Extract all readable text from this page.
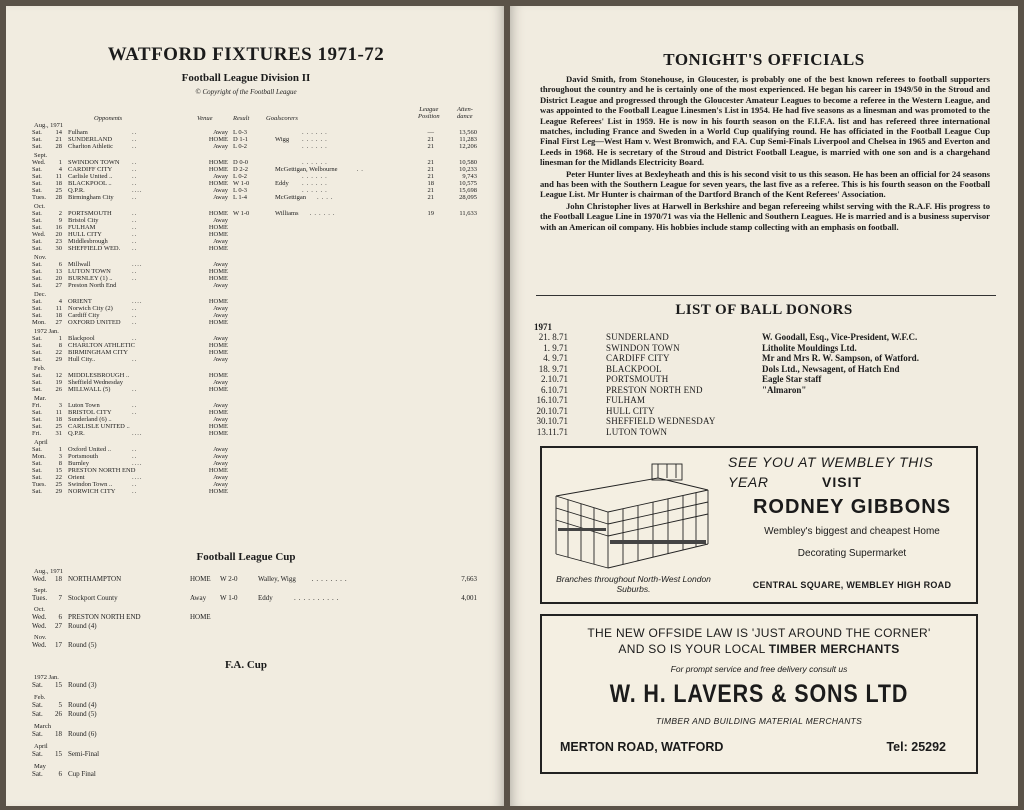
WATFORD FIXTURES 1971-72
Football League Division II
© Copyright of the Football League
Opponents	Venue	Result	Goalscorers
League
Position
Atten-
dance
Aug., 1971
Sat.	14 Fulham	..	Away L 0-3	......	—	13,560
Sat.	21 SUNDERLAND	..	HOME D 1-1	Wigg ......	21	11,283
Sat.	28 Charlton Athletic	..	Away L 0-2	......	21	12,206
Sept.
Wed.	1 SWINDON TOWN ..	HOME D 0-0	......	21	10,580
Sat.	4 CARDIFF CITY	..	HOME D 2-2	McGettigan, Welbourne	..	21	10,233
Sat.	11 Carlisle United ..	..	Away L 0-2	......	21	9,743
Sat.	18 BLACKPOOL ..	..	HOME W 1-0	Eddy ......	18	10,575
Sat.	25 Q.P.R.	....	Away L 0-3	......	21	15,698
Tues.	28 Birmingham City	..	Away L 1-4	McGettigan ....	21	28,095
Oct.
Sat.	2 PORTSMOUTH	..	HOME W 1-0	Williams ......	19	11,633
Sat.	9 Bristol City	..	Away
Sat.	16 FULHAM	..	HOME
Wed.	20 HULL CITY	..	HOME
Sat.	23 Middlesbrough	..	Away
Sat.	30 SHEFFIELD WED. ..	HOME
Nov.
Sat.	6 Millwall	....	Away
Sat.	13 LUTON TOWN	..	HOME
Sat.	20 BURNLEY (1) ..	..	HOME
Sat.	27 Preston North End	Away
Dec.
Sat.	4 ORIENT	....	HOME
Sat.	11 Norwich City (2)	..	Away
Sat.	18 Cardiff City	..	Away
Mon.	27 OXFORD UNITED ..	HOME
1972 Jan.
Sat.	1 Blackpool	..	Away
Sat.	8 CHARLTON ATHLETIC	HOME
Sat.	22 BIRMINGHAM CITY	HOME
Sat.	29 Hull City..	..	Away
Feb.
Sat.	12 MIDDLESBROUGH ..	HOME
Sat.	19 Sheffield Wednesday	Away
Sat.	26 MILLWALL (5)	..	HOME
Mar.
Fri.	3 Luton Town	..	Away
Sat.	11 BRISTOL CITY	..	HOME
Sat.	18 Sunderland (6) ..	Away
Sat.	25 CARLISLE UNITED ..	HOME
Fri.	31 Q.P.R.	....	HOME
April
Sat.	1 Oxford United ..	..	Away
Mon.	3 Portsmouth	..	Away
Sat.	8 Burnley	....	Away
Sat.	15 PRESTON NORTH END	HOME
Sat.	22 Orient	....	Away
Tues.	25 Swindon Town ..	..	Away
Sat.	29 NORWICH CITY	..	HOME
Football League Cup
Aug., 1971
Wed.	18 NORTHAMPTON	HOME W 2-0	Walley, Wigg ........	7,663
Sept.
Tues.	7 Stockport County	Away W 1-0	Eddy	..........	4,001
Oct.
Wed.	6 PRESTON NORTH END	HOME
Wed.	27 Round (4)
Nov.
Wed.	17 Round (5)
F.A. Cup
1972 Jan.
Sat.	15 Round (3)
Feb.
Sat.	5 Round (4)
Sat.	26 Round (5)
March
Sat.	18 Round (6)
April
Sat.	15 Semi-Final
May
Sat.	6 Cup Final
TONIGHT'S OFFICIALS

David Smith, from Stonehouse, in Gloucester, is probably one of the best known referees to football supporters throughout the country and he is certainly one of the most experienced. He began his career in 1949/50 in the Stroud and District League and progressed through the Gloucester Amateur Leagues to become a referee in the Western League, and was appointed to the Football League Linesmen's List in 1954. He had five seasons as a linesman and was promoted to the League Referees' List in 1959. He is now in his fourth season on the F.I.F.A. list and has refereed three international matches, including France and Sweden in a World Cup qualifying round. He has officiated in the Football League Cup Final First Leg—West Ham v. West Bromwich, and F.A. Cup Semi-Finals Liverpool and Chelsea in 1965 and Everton and Leeds in 1968. He is secretary of the Stroud and District Football League, is married with one son and is a chargehand linesman for the Midlands Electricity Board.

Peter Hunter lives at Bexleyheath and this is his second visit to us this season. He has been an official for 24 seasons and has been with the Southern League for seven years, the last five as a referee. This is his fourth season on the Football League List. Mr Hunter is chairman of the Dartford Branch of the Kent Referees' Association.

John Christopher lives at Harwell in Berkshire and began refereeing whilst serving with the R.A.F. His progress to the Football League Line in 1970/71 was via the Hellenic and Southern Leagues. He is married and is a business supervisor with an American oil company. His hobbies include stamp collecting with an emphasis on football.

LIST OF BALL DONORS
1971
21. 8.71	SUNDERLAND	W. Goodall, Esq., Vice-President, W.F.C.
1. 9.71	SWINDON TOWN	Litholite Mouldings Ltd.
4. 9.71	CARDIFF CITY	Mr and Mrs R. W. Sampson, of Watford.
18. 9.71	BLACKPOOL	Dols Ltd., Newsagent, of Hatch End
2.10.71	PORTSMOUTH	Eagle Star staff
6.10.71	PRESTON NORTH END	"Almaron"
16.10.71	FULHAM
20.10.71	HULL CITY
30.10.71	SHEFFIELD WEDNESDAY
13.11.71	LUTON TOWN
Branches throughout North-West London Suburbs.
SEE YOU AT WEMBLEY THIS YEAR	VISIT
RODNEY GIBBONS
Wembley's biggest and cheapest Home
Decorating Supermarket
CENTRAL SQUARE, WEMBLEY HIGH ROAD
THE NEW OFFSIDE LAW IS 'JUST AROUND THE CORNER'
AND SO IS YOUR LOCAL TIMBER MERCHANTS
For prompt service and free delivery consult us
W. H. LAVERS & SONS LTD
TIMBER AND BUILDING MATERIAL MERCHANTS
MERTON ROAD, WATFORD	Tel: 25292
